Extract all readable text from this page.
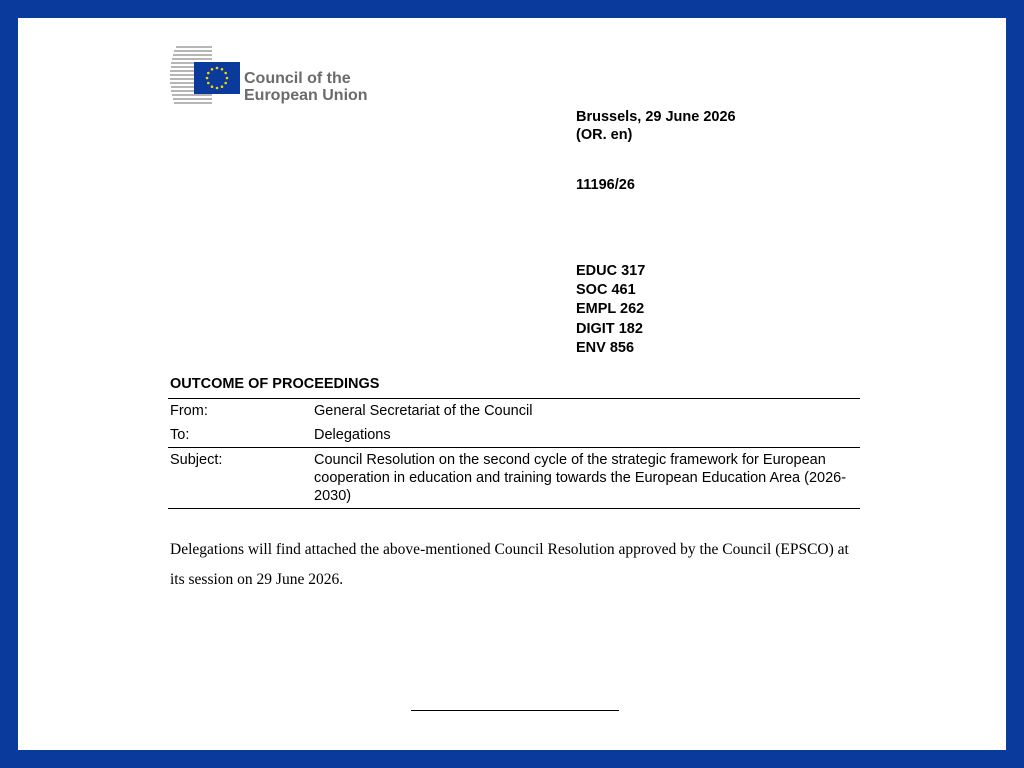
Council of the
European Union
Brussels, 29 June 2026
(OR. en)
11196/26
EDUC 317
SOC 461
EMPL 262
DIGIT 182
ENV 856
OUTCOME OF PROCEEDINGS
From:	General Secretariat of the Council
To:	Delegations
Subject:	Council Resolution on the second cycle of the strategic framework for European cooperation in education and training towards the European Education Area (2026-2030)
Delegations will find attached the above-mentioned Council Resolution approved by the Council (EPSCO) at its session on 29 June 2026.
